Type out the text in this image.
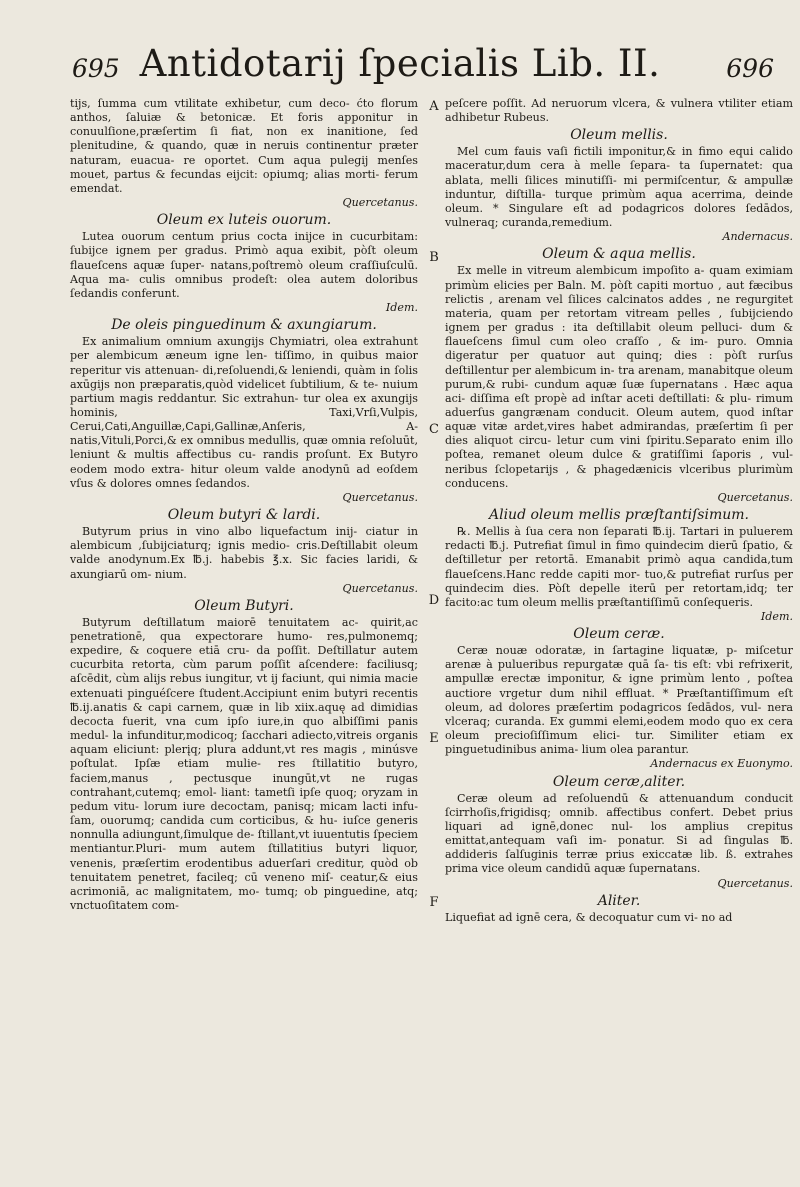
695 Antidotarij ſpecialis Lib. II.	696

tijs, ſumma cum vtilitate exhibetur, cum deco- ćto florum anthos, ſaluiæ & betonicæ. Et foris apponitur in conuulſione,præſertim ſi fiat, non ex inanitione, ſed plenitudine, & quando, quæ in neruis continentur præter naturam, euacua- re oportet. Cum aqua pulegij menſes mouet, partus & fecundas eijcit: opiumq; alias morti- ferum emendat.

Quercetanus.

Oleum ex luteis ouorum.

Lutea ouorum centum prius cocta inijce in cucurbitam: ſubijce ignem per gradus. Primò aqua exibit, pòſt oleum flaueſcens aquæ ſuper- natans,poſtremò oleum craſſiuſculū. Aqua ma- culis omnibus prodeſt: olea autem doloribus ſedandis conferunt.

Idem.

De oleis pinguedinum & axungiarum.

Ex animalium omnium axungijs Chymiatri, olea extrahunt per alembicum æneum igne len- tiſſimo, in quibus maior reperitur vis attenuan- di,reſoluendi,& leniendi, quàm in ſolis axūgijs non præparatis,quòd videlicet ſubtilium, & te- nuium partium magis reddantur. Sic extrahun- tur olea ex axungijs hominis, Taxi,Vrſi,Vulpis, Cerui,Cati,Anguillæ,Capi,Gallinæ,Anſeris, A- natis,Vituli,Porci,& ex omnibus medullis, quæ omnia reſoluūt, leniunt & multis affectibus cu- randis proſunt. Ex Butyro eodem modo extra- hitur oleum valde anodynū ad eoſdem vſus & dolores omnes ſedandos.

Quercetanus.

Oleum butyri & lardi.

Butyrum prius in vino albo liquefactum inij- ciatur in alembicum ,ſubijciaturq; ignis medio- cris.Deſtillabit oleum valde anodynum.Ex ℔.j. habebis ℥.x. Sic facies laridi, & axungiarū om- nium.

Quercetanus.

Oleum Butyri.

Butyrum deſtillatum maiorē tenuitatem ac- quirit,ac penetrationē, qua expectorare humo- res,pulmonemq; expedire, & coquere etiā cru- da poſſit. Deſtillatur autem cucurbita retorta, cùm parum poſſit aſcendere: faciliusq; aſcēdit, cùm alijs rebus iungitur, vt ij faciunt, qui nimia macie extenuati pinguéſcere ſtudent.Accipiunt enim butyri recentis ℔.ij.anatis & capi carnem, quæ in lib xiix.aquę ad dimidias decocta fuerit, vna cum ipſo iure,in quo albiſſimi panis medul- la infunditur,modicoq; ſacchari adiecto,vitreis organis aquam eliciunt: plerįq; plura addunt,vt res magis , minúsve poſtulat. Ipſæ etiam mulie- res ſtillatitio butyro, faciem,manus , pectusque inungūt,vt ne rugas contrahant,cutemq; emol- liant: tametſi ipſe quoq; oryzam in pedum vitu- lorum iure decoctam, panisq; micam lacti infu- ſam, ouorumq; candida cum corticibus, & hu- iuſce generis nonnulla adiungunt,ſimulque de- ſtillant,vt iuuentutis ſpeciem mentiantur.Pluri- mum autem ſtillatitius butyri liquor, venenis, præſertim erodentibus aduerſari creditur, quòd ob tenuitatem penetret, facileq; cū veneno miſ- ceatur,& eius acrimoniā, ac malignitatem, mo- tumq; ob pinguedine, atq; vnctuoſitatem com-

A
B
C
D
E
F

peſcere poſſit. Ad neruorum vlcera, & vulnera vtiliter etiam adhibetur Rubeus.

Oleum mellis.

Mel cum fauis vaſi fictili imponitur,& in fimo equi calido maceratur,dum cera à melle ſepara- ta ſupernatet: qua ablata, melli ſilices minutiſſi- mi permiſcentur, & ampullæ induntur, diſtilla- turque primùm aqua acerrima, deinde oleum. * Singulare eſt ad podagricos dolores ſedādos, vulneraq; curanda,remedium.

Andernacus.

Oleum & aqua mellis.

Ex melle in vitreum alembicum impoſito a- quam eximiam primùm elicies per Baln. M. pòſt capiti mortuo , aut fæcibus relictis , arenam vel ſilices calcinatos addes , ne regurgitet materia, quam per retortam vitream pelles , ſubijciendo ignem per gradus : ita deſtillabit oleum pelluci- dum & flaueſcens ſimul cum oleo craſſo , & im- puro. Omnia digeratur per quatuor aut quinq; dies : pòſt rurſus deſtillentur per alembicum in- tra arenam, manabitque oleum purum,& rubi- cundum aquæ ſuæ ſupernatans . Hæc aqua aci- diſſima eſt propè ad inſtar aceti deſtillati: & plu- rimum aduerſus gangrænam conducit. Oleum autem, quod inſtar aquæ vitæ ardet,vires habet admirandas, præſertim ſi per dies aliquot circu- letur cum vini ſpiritu.Separato enim illo poſtea, remanet oleum dulce & gratiſſimi ſaporis , vul- neribus ſclopetarijs , & phagedænicis vlceribus plurimùm conducens.

Quercetanus.

Aliud oleum mellis præſtantiſsimum.

℞. Mellis à ſua cera non ſeparati ℔.ij. Tartari in puluerem redacti ℔.j. Putrefiat ſimul in fimo quindecim dierū ſpatio, & deſtilletur per retortā. Emanabit primò aqua candida,tum flaueſcens.Hanc redde capiti mor- tuo,& putrefiat rurſus per quindecim dies. Pòſt depelle iterū per retortam,idq; ter facito:ac tum oleum mellis præſtantiſſimū conſequeris.

Idem.

Oleum ceræ.

Ceræ nouæ odoratæ, in ſartagine liquatæ, p- miſcetur arenæ à pulueribus repurgatæ quā ſa- tis eſt: vbi refrixerit, ampullæ erectæ imponitur, & igne primùm lento , poſtea auctiore vrgetur dum nihil effluat. * Præſtantiſſimum eſt oleum, ad dolores præſertim podagricos ſedādos, vul- nera vlceraq; curanda. Ex gummi elemi,eodem modo quo ex cera oleum precioſiſſimum elici- tur. Similiter etiam ex pinguetudinibus anima- lium olea parantur.

Andernacus ex Euonymo.

Oleum ceræ,aliter.

Ceræ oleum ad reſoluendū & attenuandum conducit ſcirrhoſis,frigidisq; omnib. affectibus confert. Debet prius liquari ad ignē,donec nul- los amplius crepitus emittat,antequam vaſi im- ponatur. Si ad ſingulas ℔. addideris ſalſuginis terræ prius exiccatæ lib. ß. extrahes prima vice oleum candidū aquæ ſupernatans.

Quercetanus.

Aliter.

Liquefiat ad ignē cera, & decoquatur cum vi- no ad
